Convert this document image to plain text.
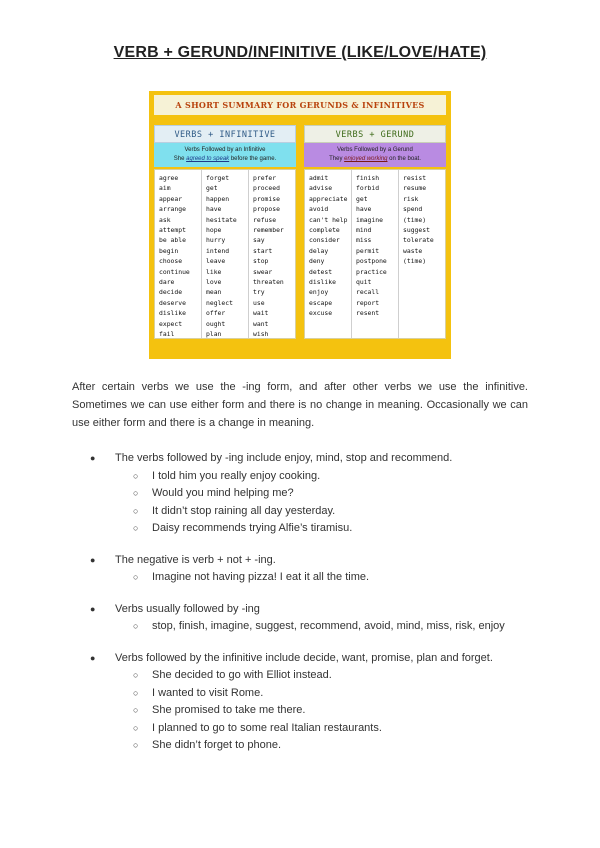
VERB + GERUND/INFINITIVE (LIKE/LOVE/HATE)
A SHORT SUMMARY FOR GERUNDS & INFINITIVES
VERBS + INFINITIVE
Verbs Followed by an Infinitive
She agreed to speak before the game.
agree
aim
appear
arrange
ask
attempt
be able
begin
choose
continue
dare
decide
deserve
dislike
expect
fail
forget
get
happen
have
hesitate
hope
hurry
intend
leave
like
love
mean
neglect
offer
ought
plan
prefer
proceed
promise
propose
refuse
remember
say
start
stop
swear
threaten
try
use
wait
want
wish
VERBS + GERUND
Verbs Followed by a Gerund
They enjoyed working on the boat.
admit
advise
appreciate
avoid
can't help
complete
consider
delay
deny
detest
dislike
enjoy
escape
excuse
finish
forbid
get
have
imagine
mind
miss
permit
postpone
practice
quit
recall
report
resent
resist
resume
risk
spend
(time)
suggest
tolerate
waste
(time)

After certain verbs we use the -ing form, and after other verbs we use the infinitive. Sometimes we can use either form and there is no change in meaning. Occasionally we can use either form and there is a change in meaning.

● The verbs followed by -ing include enjoy, mind, stop and recommend.
○ I told him you really enjoy cooking.
○ Would you mind helping me?
○ It didn’t stop raining all day yesterday.
○ Daisy recommends trying Alfie’s tiramisu.
● The negative is verb + not + -ing.
○ Imagine not having pizza! I eat it all the time.
● Verbs usually followed by -ing
○ stop, finish, imagine, suggest, recommend, avoid, mind, miss, risk, enjoy
● Verbs followed by the infinitive include decide, want, promise, plan and forget.
○ She decided to go with Elliot instead.
○ I wanted to visit Rome.
○ She promised to take me there.
○ I planned to go to some real Italian restaurants.
○ She didn’t forget to phone.
